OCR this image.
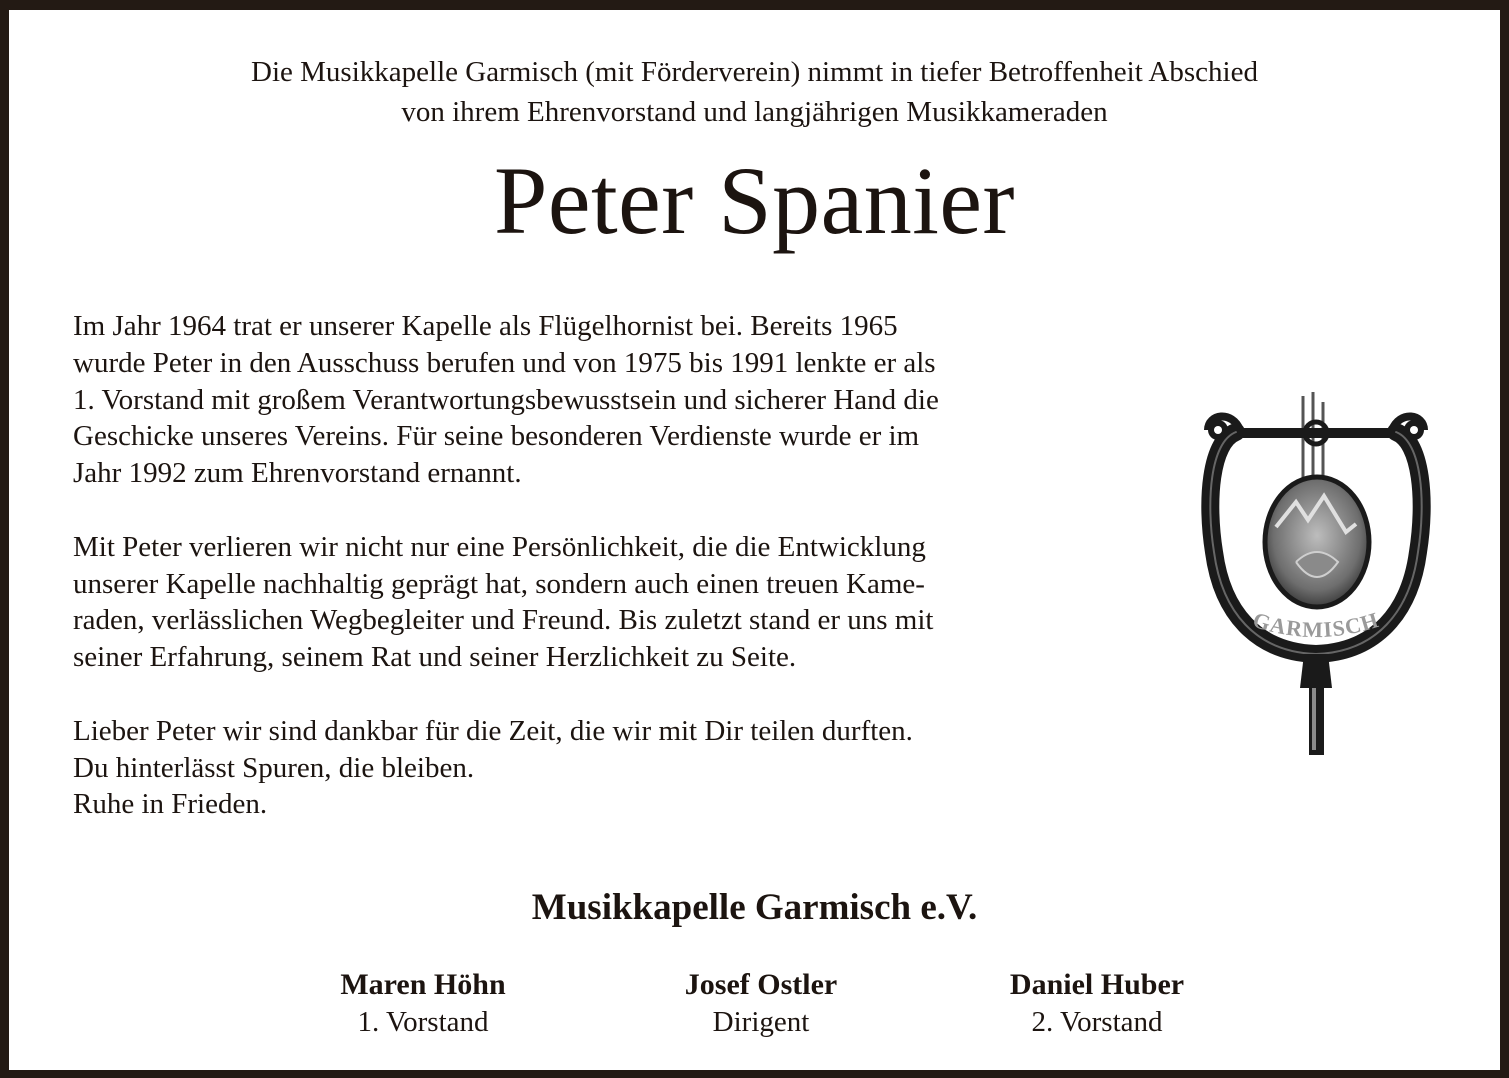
Die Musikkapelle Garmisch (mit Förderverein) nimmt in tiefer Betroffenheit Abschied
von ihrem Ehrenvorstand und langjährigen Musikkameraden
Peter Spanier

Im Jahr 1964 trat er unserer Kapelle als Flügelhornist bei. Bereits 1965
wurde Peter in den Ausschuss berufen und von 1975 bis 1991 lenkte er als
1. Vorstand mit großem Verantwortungsbewusstsein und sicherer Hand die
Geschicke unseres Vereins. Für seine besonderen Verdienste wurde er im
Jahr 1992 zum Ehrenvorstand ernannt.

Mit Peter verlieren wir nicht nur eine Persönlichkeit, die die Entwicklung
unserer Kapelle nachhaltig geprägt hat, sondern auch einen treuen Kame-
raden, verlässlichen Wegbegleiter und Freund. Bis zuletzt stand er uns mit
seiner Erfahrung, seinem Rat und seiner Herzlichkeit zu Seite.

Lieber Peter wir sind dankbar für die Zeit, die wir mit Dir teilen durften.
Du hinterlässt Spuren, die bleiben.
Ruhe in Frieden.

GARMISCH
Musikkapelle Garmisch e.V.
Maren Höhn
1. Vorstand
Josef Ostler
Dirigent
Daniel Huber
2. Vorstand
